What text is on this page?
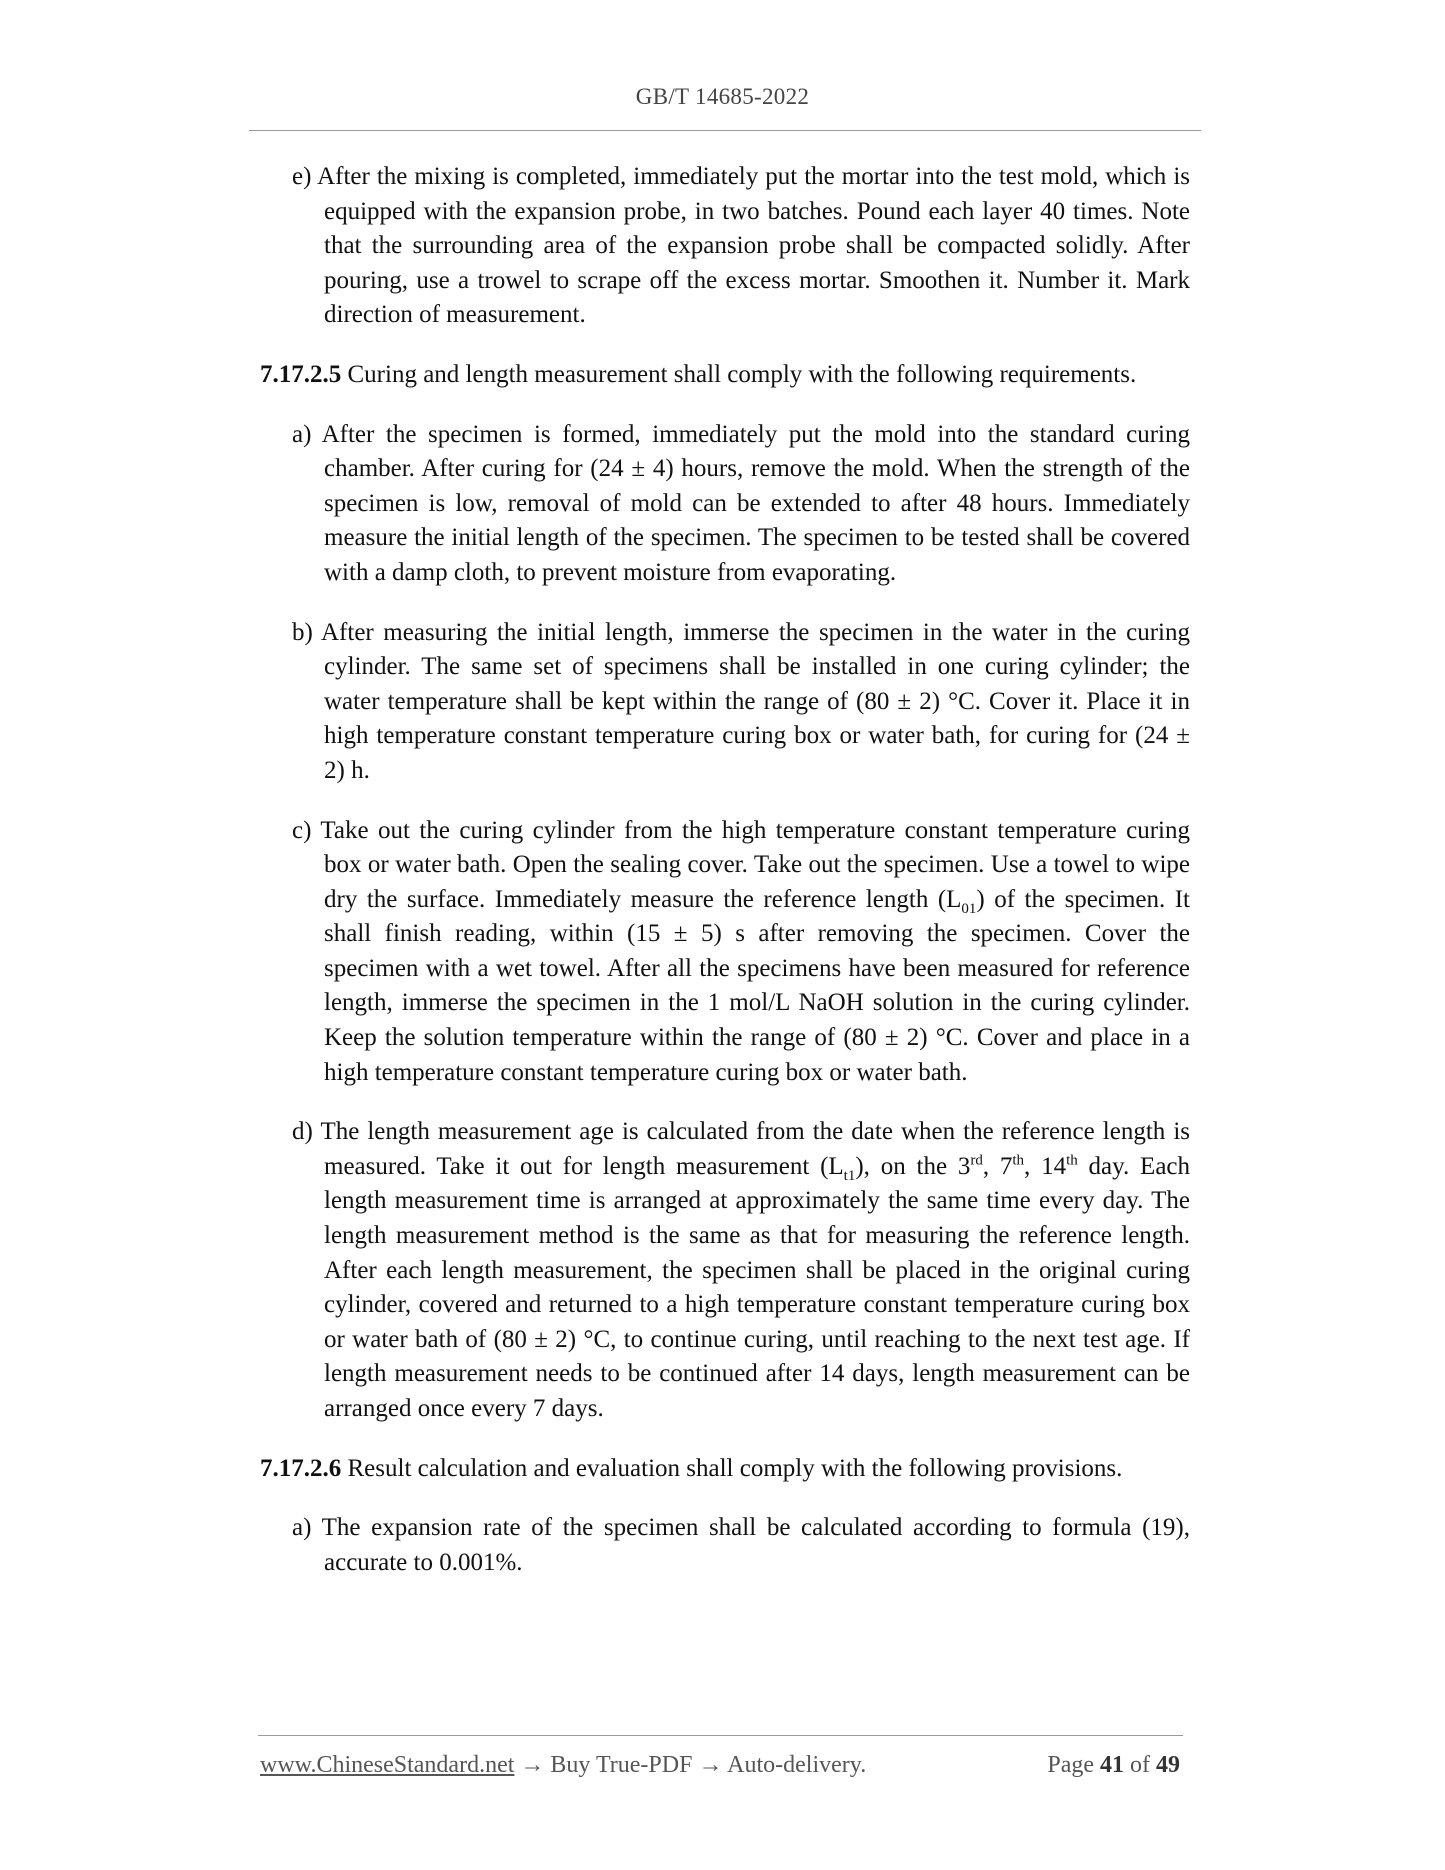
GB/T 14685-2022

e) After the mixing is completed, immediately put the mortar into the test mold, which is equipped with the expansion probe, in two batches. Pound each layer 40 times. Note that the surrounding area of the expansion probe shall be compacted solidly. After pouring, use a trowel to scrape off the excess mortar. Smoothen it. Number it. Mark direction of measurement.

7.17.2.5 Curing and length measurement shall comply with the following requirements.

a) After the specimen is formed, immediately put the mold into the standard curing chamber. After curing for (24 ± 4) hours, remove the mold. When the strength of the specimen is low, removal of mold can be extended to after 48 hours. Immediately measure the initial length of the specimen. The specimen to be tested shall be covered with a damp cloth, to prevent moisture from evaporating.

b) After measuring the initial length, immerse the specimen in the water in the curing cylinder. The same set of specimens shall be installed in one curing cylinder; the water temperature shall be kept within the range of (80 ± 2) °C. Cover it. Place it in high temperature constant temperature curing box or water bath, for curing for (24 ± 2) h.

c) Take out the curing cylinder from the high temperature constant temperature curing box or water bath. Open the sealing cover. Take out the specimen. Use a towel to wipe dry the surface. Immediately measure the reference length $(L_{01})$ of the specimen. It shall finish reading, within (15 ± 5) s after removing the specimen. Cover the specimen with a wet towel. After all the specimens have been measured for reference length, immerse the specimen in the 1 mol/L NaOH solution in the curing cylinder. Keep the solution temperature within the range of (80 ± 2) °C. Cover and place in a high temperature constant temperature curing box or water bath.

d) The length measurement age is calculated from the date when the reference length is measured. Take it out for length measurement $(L_{t1})$, on the 3rd, 7th, 14th day. Each length measurement time is arranged at approximately the same time every day. The length measurement method is the same as that for measuring the reference length. After each length measurement, the specimen shall be placed in the original curing cylinder, covered and returned to a high temperature constant temperature curing box or water bath of (80 ± 2) °C, to continue curing, until reaching to the next test age. If length measurement needs to be continued after 14 days, length measurement can be arranged once every 7 days.

7.17.2.6 Result calculation and evaluation shall comply with the following provisions.

a) The expansion rate of the specimen shall be calculated according to formula (19), accurate to 0.001%.

www.ChineseStandard.net → Buy True-PDF → Auto-delivery.	Page 41 of 49
